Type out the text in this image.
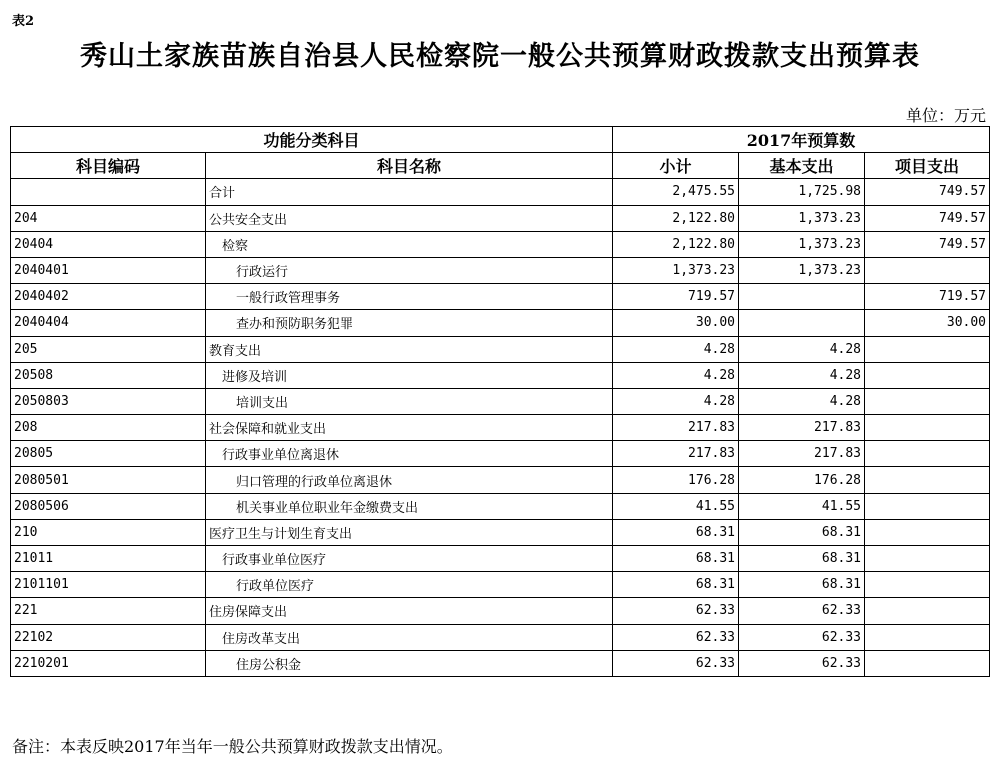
表2
秀山土家族苗族自治县人民检察院一般公共预算财政拨款支出预算表
单位：万元
功能分类科目		2017年预算数		
科目编码	科目名称	小计	基本支出	项目支出
	合计	2,475.55	1,725.98	749.57
204	公共安全支出	2,122.80	1,373.23	749.57
20404	检察	2,122.80	1,373.23	749.57
2040401	行政运行	1,373.23	1,373.23	
2040402	一般行政管理事务	719.57		719.57
2040404	查办和预防职务犯罪	30.00		30.00
205	教育支出	4.28	4.28	
20508	进修及培训	4.28	4.28	
2050803	培训支出	4.28	4.28	
208	社会保障和就业支出	217.83	217.83	
20805	行政事业单位离退休	217.83	217.83	
2080501	归口管理的行政单位离退休	176.28	176.28	
2080506	机关事业单位职业年金缴费支出	41.55	41.55	
210	医疗卫生与计划生育支出	68.31	68.31	
21011	行政事业单位医疗	68.31	68.31	
2101101	行政单位医疗	68.31	68.31	
221	住房保障支出	62.33	62.33	
22102	住房改革支出	62.33	62.33	
2210201	住房公积金	62.33	62.33	
备注：本表反映2017年当年一般公共预算财政拨款支出情况。
